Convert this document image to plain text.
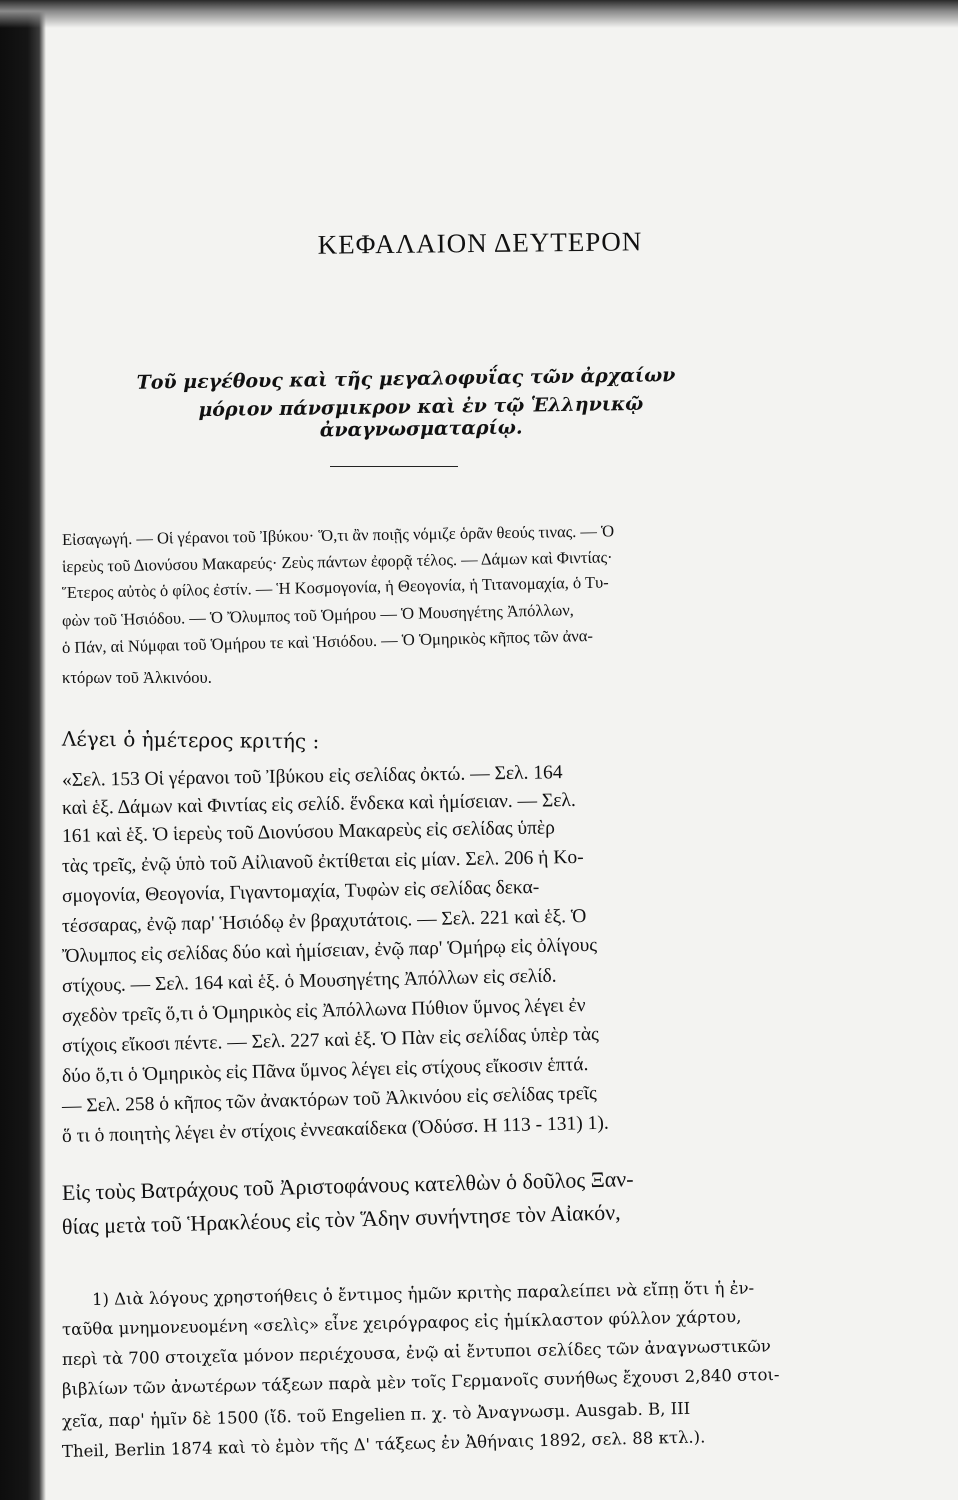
ΚΕΦΑΛΑΙΟΝ ΔΕΥΤΕΡΟΝ
Τοῦ μεγέθους καὶ τῆς μεγαλοφυΐας τῶν ἀρχαίων
μόριον πάνσμικρον καὶ ἐν τῷ Ἑλληνικῷ ἀναγνωσματαρίῳ.
Εἰσαγωγή. — Οἱ γέρανοι τοῦ Ἰβύκου· Ὅ,τι ἂν ποιῇς νόμιζε ὁρᾶν θεούς τινας. — Ὁ
ἱερεὺς τοῦ Διονύσου Μακαρεύς· Ζεὺς πάντων ἐφορᾷ τέλος. — Δάμων καὶ Φιντίας·
Ἕτερος αὐτὸς ὁ φίλος ἐστίν. — Ἡ Κοσμογονία, ἡ Θεογονία, ἡ Τιτανομαχία, ὁ Τυ-
φὼν τοῦ Ἡσιόδου. — Ὁ Ὄλυμπος τοῦ Ὁμήρου — Ὁ Μουσηγέτης Ἀπόλλων,
ὁ Πάν, αἱ Νύμφαι τοῦ Ὁμήρου τε καὶ Ἡσιόδου. — Ὁ Ὁμηρικὸς κῆπος τῶν ἀνα-
κτόρων τοῦ Ἀλκινόου.
Λέγει ὁ ἡμέτερος κριτής :
«Σελ. 153 Οἱ γέρανοι τοῦ Ἰβύκου εἰς σελίδας ὀκτώ. — Σελ. 164
καὶ ἑξ. Δάμων καὶ Φιντίας εἰς σελίδ. ἕνδεκα καὶ ἡμίσειαν. — Σελ.
161 καὶ ἑξ. Ὁ ἱερεὺς τοῦ Διονύσου Μακαρεὺς εἰς σελίδας ὑπὲρ
τὰς τρεῖς, ἐνῷ ὑπὸ τοῦ Αἰλιανοῦ ἐκτίθεται εἰς μίαν. Σελ. 206 ἡ Κο-
σμογονία, Θεογονία, Γιγαντομαχία, Τυφὼν εἰς σελίδας δεκα-
τέσσαρας, ἐνῷ παρ' Ἡσιόδῳ ἐν βραχυτάτοις. — Σελ. 221 καὶ ἑξ. Ὁ
Ὄλυμπος εἰς σελίδας δύο καὶ ἡμίσειαν, ἐνῷ παρ' Ὁμήρῳ εἰς ὀλίγους
στίχους. — Σελ. 164 καὶ ἑξ. ὁ Μουσηγέτης Ἀπόλλων εἰς σελίδ.
σχεδὸν τρεῖς ὅ,τι ὁ Ὁμηρικὸς εἰς Ἀπόλλωνα Πύθιον ὕμνος λέγει ἐν
στίχοις εἴκοσι πέντε. — Σελ. 227 καὶ ἑξ. Ὁ Πὰν εἰς σελίδας ὑπὲρ τὰς
δύο ὅ,τι ὁ Ὁμηρικὸς εἰς Πᾶνα ὕμνος λέγει εἰς στίχους εἴκοσιν ἑπτά.
— Σελ. 258 ὁ κῆπος τῶν ἀνακτόρων τοῦ Ἀλκινόου εἰς σελίδας τρεῖς
ὅ τι ὁ ποιητὴς λέγει ἐν στίχοις ἐννεακαίδεκα (Ὀδύσσ. Η 113 - 131) 1).
Εἰς τοὺς Βατράχους τοῦ Ἀριστοφάνους κατελθὼν ὁ δοῦλος Ξαν-
θίας μετὰ τοῦ Ἡρακλέους εἰς τὸν Ἅδην συνήντησε τὸν Αἰακόν,
1) Διὰ λόγους χρηστοήθεις ὁ ἔντιμος ἡμῶν κριτὴς παραλείπει νὰ εἴπῃ ὅτι ἡ ἐν-
ταῦθα μνημονευομένη «σελὶς» εἶνε χειρόγραφος εἰς ἡμίκλαστον φύλλον χάρτου,
περὶ τὰ 700 στοιχεῖα μόνον περιέχουσα, ἐνῷ αἱ ἔντυποι σελίδες τῶν ἀναγνωστικῶν
βιβλίων τῶν ἀνωτέρων τάξεων παρὰ μὲν τοῖς Γερμανοῖς συνήθως ἔχουσι 2,840 στοι-
χεῖα, παρ' ἡμῖν δὲ 1500 (ἴδ. τοῦ Engelien π. χ. τὸ Ἀναγνωσμ. Ausgab. B, III
Theil, Berlin 1874 καὶ τὸ ἐμὸν τῆς Δ' τάξεως ἐν Ἀθήναις 1892, σελ. 88 κτλ.).
